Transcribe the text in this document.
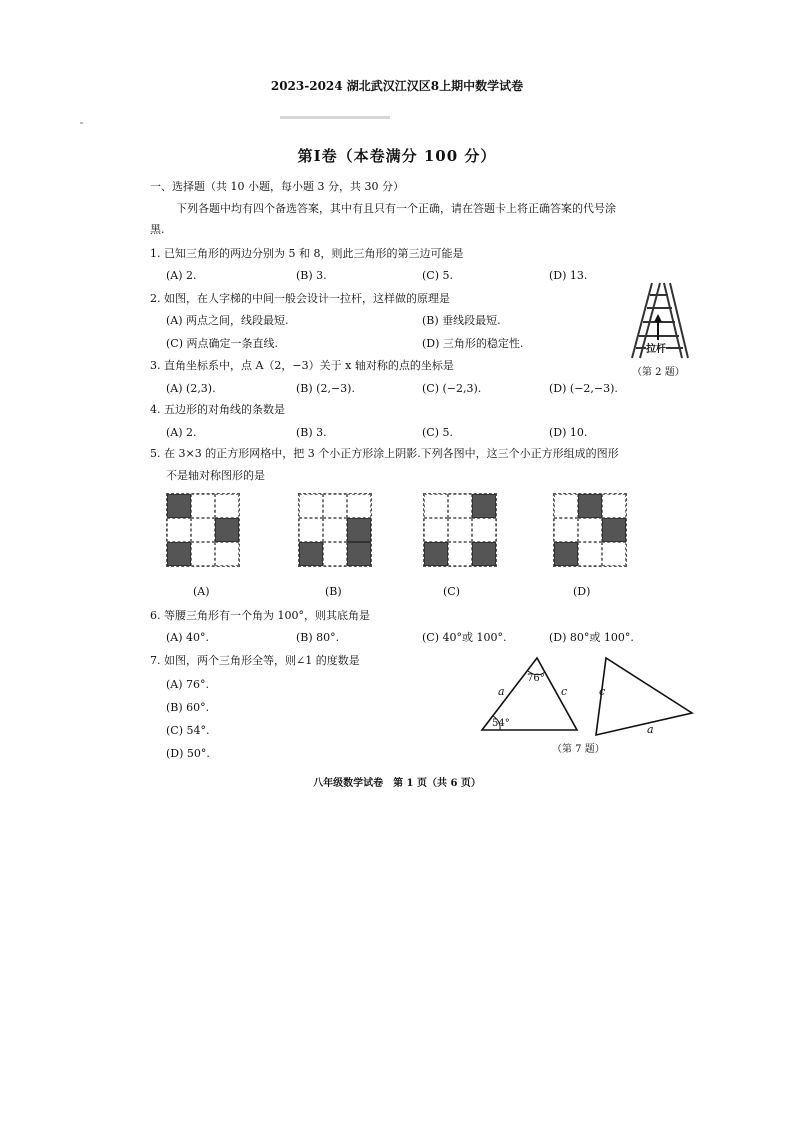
2023-2024 湖北武汉江汉区8上期中数学试卷
第Ⅰ卷（本卷满分 100 分）
一、选择题（共 10 小题，每小题 3 分，共 30 分）
下列各题中均有四个备选答案，其中有且只有一个正确，请在答题卡上将正确答案的代号涂
黑.
1. 已知三角形的两边分别为 5 和 8，则此三角形的第三边可能是
(A) 2.	(B) 3.	(C) 5.	(D) 13.
2. 如图，在人字梯的中间一般会设计一拉杆，这样做的原理是
(A) 两点之间，线段最短.	(B) 垂线段最短.
(C) 两点确定一条直线.	(D) 三角形的稳定性.	拉杆
（第 2 题）
3. 直角坐标系中，点 A（2，−3）关于 x 轴对称的点的坐标是
(A) (2,3).	(B) (2,−3).	(C) (−2,3).	(D) (−2,−3).
4. 五边形的对角线的条数是
(A) 2.	(B) 3.	(C) 5.	(D) 10.
5. 在 3×3 的正方形网格中，把 3 个小正方形涂上阴影.下列各图中，这三个小正方形组成的图形
不是轴对称图形的是
(A)	(B)	(C)	(D)
6. 等腰三角形有一个角为 100°，则其底角是
(A) 40°.	(B) 80°.	(C) 40°或 100°.	(D) 80°或 100°.
7. 如图，两个三角形全等，则∠1 的度数是
(A) 76°.
(B) 60°.
(C) 54°.
(D) 50°.
76°
54°
a	c	c
a
（第 7 题）
八年级数学试卷　第 1 页（共 6 页）
